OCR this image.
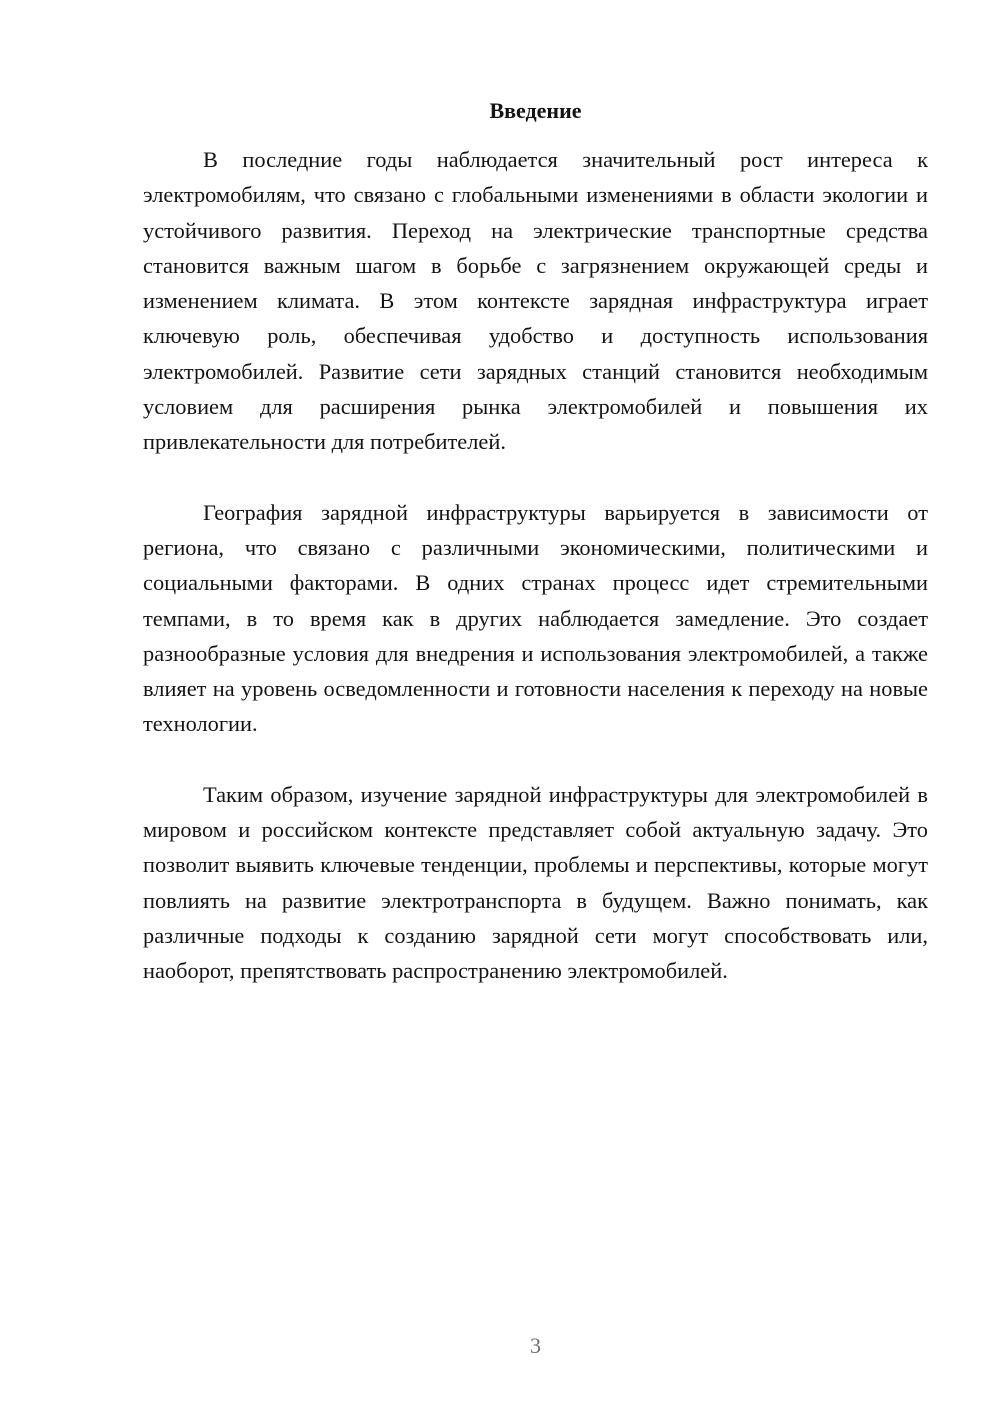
Введение

В последние годы наблюдается значительный рост интереса к электромобилям, что связано с глобальными изменениями в области экологии и устойчивого развития. Переход на электрические транспортные средства становится важным шагом в борьбе с загрязнением окружающей среды и изменением климата. В этом контексте зарядная инфраструктура играет ключевую роль, обеспечивая удобство и доступность использования электромобилей. Развитие сети зарядных станций становится необходимым условием для расширения рынка электромобилей и повышения их привлекательности для потребителей.

География зарядной инфраструктуры варьируется в зависимости от региона, что связано с различными экономическими, политическими и социальными факторами. В одних странах процесс идет стремительными темпами, в то время как в других наблюдается замедление. Это создает разнообразные условия для внедрения и использования электромобилей, а также влияет на уровень осведомленности и готовности населения к переходу на новые технологии.

Таким образом, изучение зарядной инфраструктуры для электромобилей в мировом и российском контексте представляет собой актуальную задачу. Это позволит выявить ключевые тенденции, проблемы и перспективы, которые могут повлиять на развитие электротранспорта в будущем. Важно понимать, как различные подходы к созданию зарядной сети могут способствовать или, наоборот, препятствовать распространению электромобилей.

3
